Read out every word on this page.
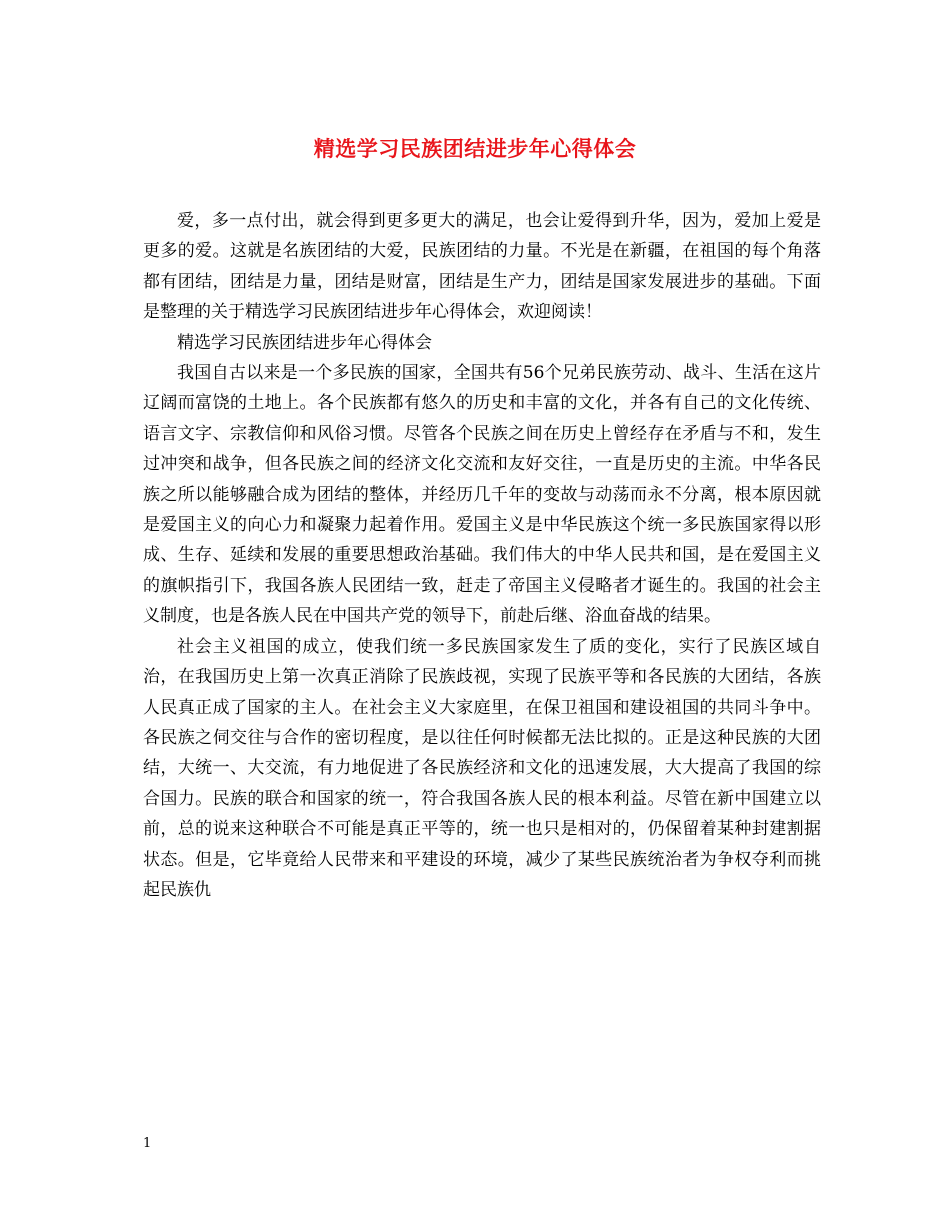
精选学习民族团结进步年心得体会

爱，多一点付出，就会得到更多更大的满足，也会让爱得到升华，因为，爱加上爱是更多的爱。这就是名族团结的大爱，民族团结的力量。不光是在新疆，在祖国的每个角落都有团结，团结是力量，团结是财富，团结是生产力，团结是国家发展进步的基础。下面是整理的关于精选学习民族团结进步年心得体会，欢迎阅读！

精选学习民族团结进步年心得体会

我国自古以来是一个多民族的国家，全国共有56个兄弟民族劳动、战斗、生活在这片辽阔而富饶的土地上。各个民族都有悠久的历史和丰富的文化，并各有自己的文化传统、语言文字、宗教信仰和风俗习惯。尽管各个民族之间在历史上曾经存在矛盾与不和，发生过冲突和战争，但各民族之间的经济文化交流和友好交往，一直是历史的主流。中华各民族之所以能够融合成为团结的整体，并经历几千年的变故与动荡而永不分离，根本原因就是爱国主义的向心力和凝聚力起着作用。爱国主义是中华民族这个统一多民族国家得以形成、生存、延续和发展的重要思想政治基础。我们伟大的中华人民共和国，是在爱国主义的旗帜指引下，我国各族人民团结一致，赶走了帝国主义侵略者才诞生的。我国的社会主义制度，也是各族人民在中国共产党的领导下，前赴后继、浴血奋战的结果。

社会主义祖国的成立，使我们统一多民族国家发生了质的变化，实行了民族区域自治，在我国历史上第一次真正消除了民族歧视，实现了民族平等和各民族的大团结，各族人民真正成了国家的主人。在社会主义大家庭里，在保卫祖国和建设祖国的共同斗争中。各民族之伺交往与合作的密切程度，是以往任何时候都无法比拟的。正是这种民族的大团结，大统一、大交流，有力地促进了各民族经济和文化的迅速发展，大大提高了我国的综合国力。民族的联合和国家的统一，符合我国各族人民的根本利益。尽管在新中国建立以前，总的说来这种联合不可能是真正平等的，统一也只是相对的，仍保留着某种封建割据状态。但是，它毕竟给人民带来和平建设的环境，减少了某些民族统治者为争权夺利而挑起民族仇

1
